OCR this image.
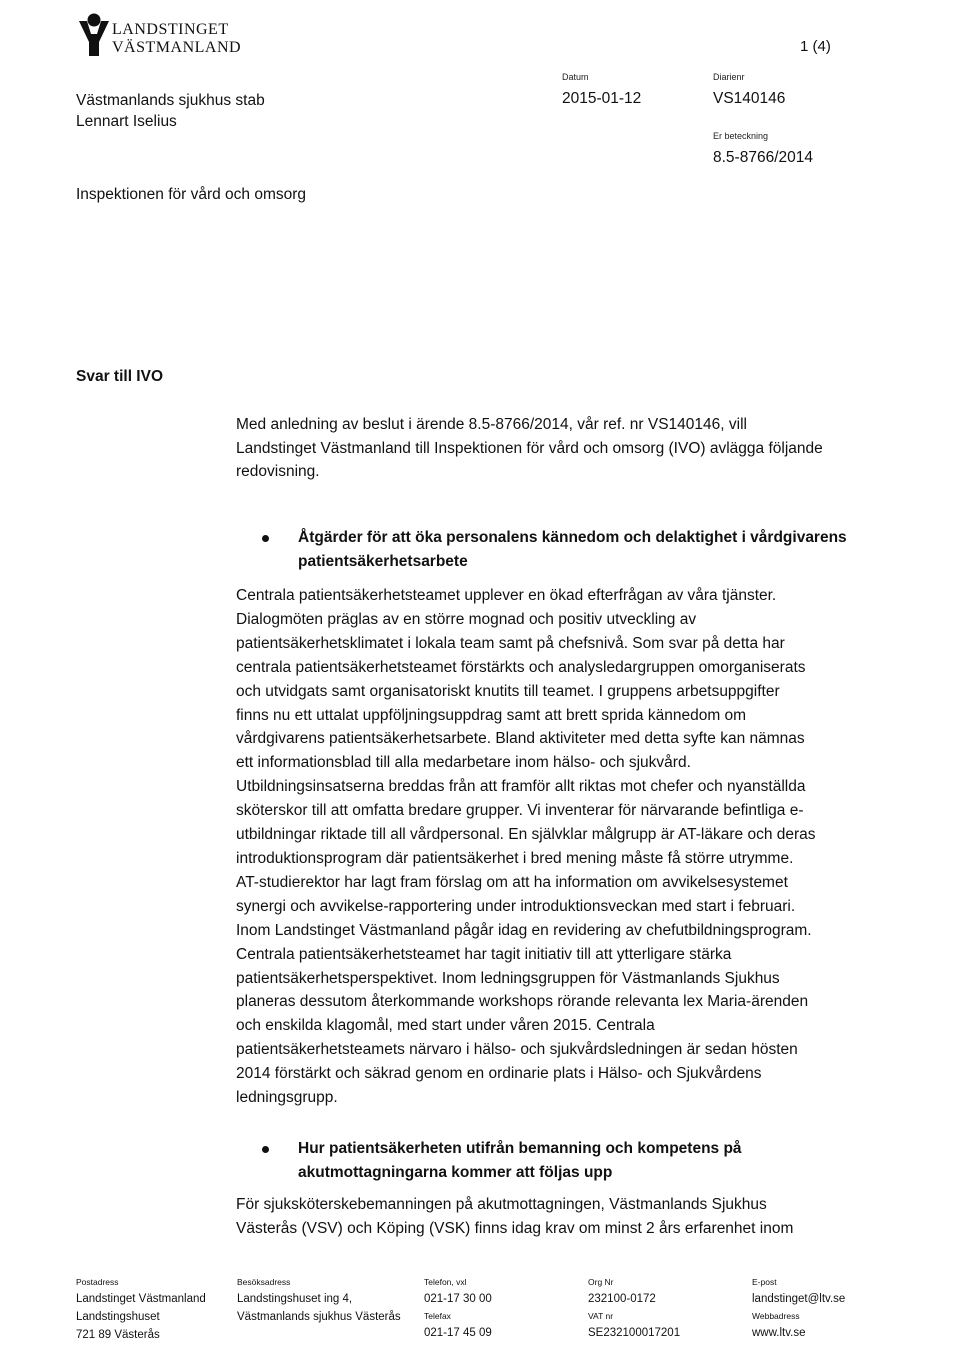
LANDSTINGET
VÄSTMANLAND	1 (4)
Västmanlands sjukhus stab
Lennart Iselius
Datum
2015-01-12
Diarienr
VS140146
Er beteckning
8.5-8766/2014
Inspektionen för vård och omsorg
Svar till IVO
Med anledning av beslut i ärende 8.5-8766/2014, vår ref. nr VS140146, vill
Landstinget Västmanland till Inspektionen för vård och omsorg (IVO) avlägga följande
redovisning.
Åtgärder för att öka personalens kännedom och delaktighet i vårdgivarens
patientsäkerhetsarbete
Centrala patientsäkerhetsteamet upplever en ökad efterfrågan av våra tjänster.
Dialogmöten präglas av en större mognad och positiv utveckling av
patientsäkerhetsklimatet i lokala team samt på chefsnivå. Som svar på detta har
centrala patientsäkerhetsteamet förstärkts och analysledargruppen omorganiserats
och utvidgats samt organisatoriskt knutits till teamet. I gruppens arbetsuppgifter
finns nu ett uttalat uppföljningsuppdrag samt att brett sprida kännedom om
vårdgivarens patientsäkerhetsarbete. Bland aktiviteter med detta syfte kan nämnas
ett informationsblad till alla medarbetare inom hälso- och sjukvård.
Utbildningsinsatserna breddas från att framför allt riktas mot chefer och nyanställda
sköterskor till att omfatta bredare grupper. Vi inventerar för närvarande befintliga e-
utbildningar riktade till all vårdpersonal. En självklar målgrupp är AT-läkare och deras
introduktionsprogram där patientsäkerhet i bred mening måste få större utrymme.
AT-studierektor har lagt fram förslag om att ha information om avvikelsesystemet
synergi och avvikelse-rapportering under introduktionsveckan med start i februari.
Inom Landstinget Västmanland pågår idag en revidering av chefutbildningsprogram.
Centrala patientsäkerhetsteamet har tagit initiativ till att ytterligare stärka
patientsäkerhetsperspektivet. Inom ledningsgruppen för Västmanlands Sjukhus
planeras dessutom återkommande workshops rörande relevanta lex Maria-ärenden
och enskilda klagomål, med start under våren 2015. Centrala
patientsäkerhetsteamets närvaro i hälso- och sjukvårdsledningen är sedan hösten
2014 förstärkt och säkrad genom en ordinarie plats i Hälso- och Sjukvårdens
ledningsgrupp.
Hur patientsäkerheten utifrån bemanning och kompetens på
akutmottagningarna kommer att följas upp
För sjuksköterskebemanningen på akutmottagningen, Västmanlands Sjukhus
Västerås (VSV) och Köping (VSK) finns idag krav om minst 2 års erfarenhet inom
Postadress
Landstinget Västmanland
Landstingshuset
721 89 Västerås
Besöksadress
Landstingshuset ing 4,
Västmanlands sjukhus Västerås
Telefon, vxl
021-17 30 00
Telefax
021-17 45 09
Org Nr
232100-0172
VAT nr
SE232100017201
E-post
landstinget@ltv.se
Webbadress
www.ltv.se
